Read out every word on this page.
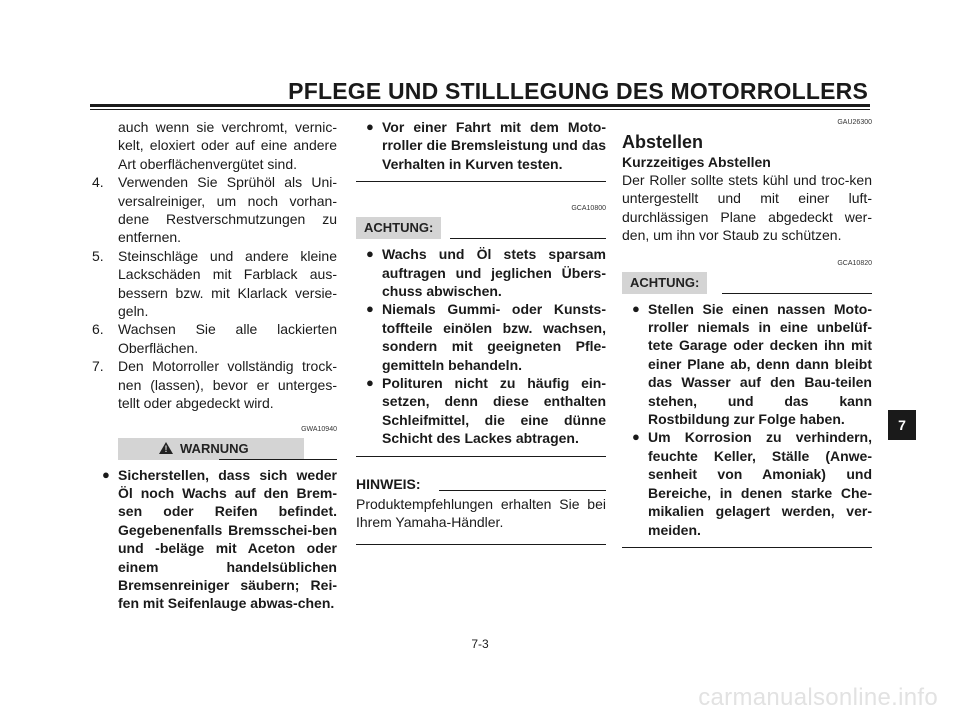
PFLEGE UND STILLLEGUNG DES MOTORROLLERS
auch wenn sie verchromt, vernic-kelt, eloxiert oder auf eine andere Art oberflächenvergütet sind.
4.	Verwenden Sie Sprühöl als Uni-versalreiniger, um noch vorhan-dene Restverschmutzungen zu entfernen.
5.	Steinschläge und andere kleine Lackschäden mit Farblack aus-bessern bzw. mit Klarlack versie-geln.
6.	Wachsen Sie alle lackierten Oberflächen.
7.	Den Motorroller vollständig trock-nen (lassen), bevor er unterges-tellt oder abgedeckt wird.
GWA10940
! WARNUNG
● Sicherstellen, dass sich weder Öl noch Wachs auf den Brem-sen oder Reifen befindet. Gegebenenfalls Bremsschei-ben und -beläge mit Aceton oder einem handelsüblichen Bremsenreiniger säubern; Rei-fen mit Seifenlauge abwas-chen.
● Vor einer Fahrt mit dem Moto-rroller die Bremsleistung und das Verhalten in Kurven testen.
GCA10800
ACHTUNG:
● Wachs und Öl stets sparsam auftragen und jeglichen Übers-chuss abwischen.
● Niemals Gummi- oder Kunsts-toffteile einölen bzw. wachsen, sondern mit geeigneten Pfle-gemitteln behandeln.
● Polituren nicht zu häufig ein-setzen, denn diese enthalten Schleifmittel, die eine dünne Schicht des Lackes abtragen.
HINWEIS:
Produktempfehlungen erhalten Sie bei Ihrem Yamaha-Händler.
GAU26300
Abstellen
Kurzzeitiges Abstellen
Der Roller sollte stets kühl und troc-ken untergestellt und mit einer luft-durchlässigen Plane abgedeckt wer-den, um ihn vor Staub zu schützen.
GCA10820
ACHTUNG:
● Stellen Sie einen nassen Moto-rroller niemals in eine unbelüf-tete Garage oder decken ihn mit einer Plane ab, denn dann bleibt das Wasser auf den Bau-teilen stehen, und das kann Rostbildung zur Folge haben.
● Um Korrosion zu verhindern, feuchte Keller, Ställe (Anwe-senheit von Amoniak) und Bereiche, in denen starke Che-mikalien gelagert werden, ver-meiden.
7
7-3
carmanualsonline.info
